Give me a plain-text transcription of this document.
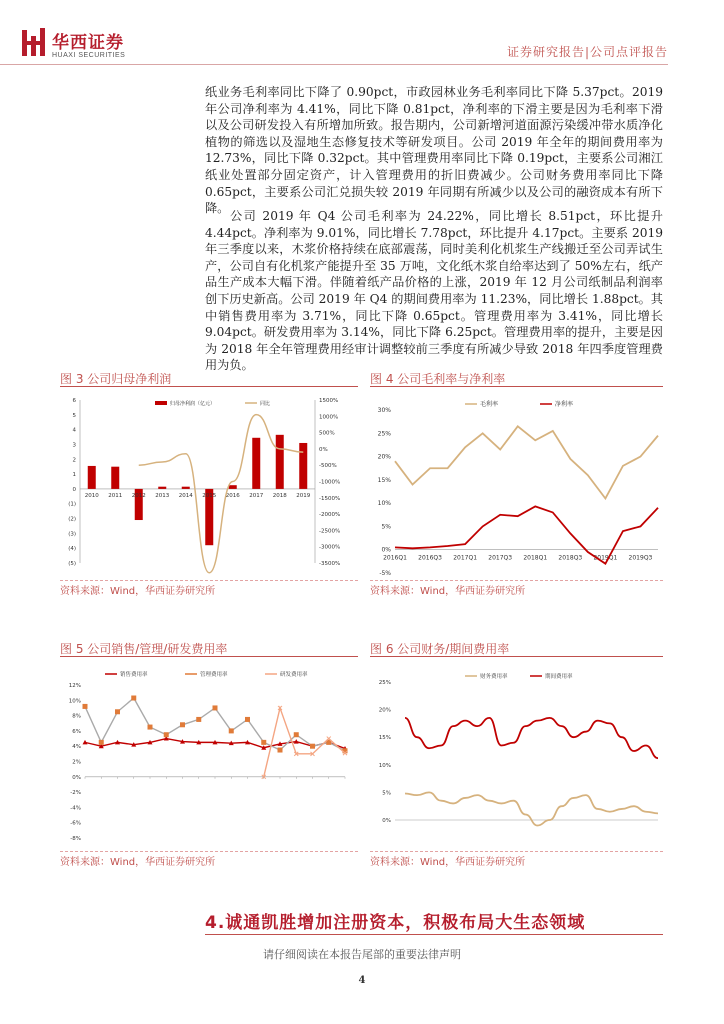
华西证券
HUAXI SECURITIES	证券研究报告|公司点评报告

纸业务毛利率同比下降了 0.90pct，市政园林业务毛利率同比下降 5.37pct。2019 年公司净利率为 4.41%，同比下降 0.81pct，净利率的下滑主要是因为毛利率下滑以及公司研发投入有所增加所致。报告期内，公司新增河道面源污染缓冲带水质净化植物的筛选以及湿地生态修复技术等研发项目。公司 2019 年全年的期间费用率为 12.73%，同比下降 0.32pct。其中管理费用率同比下降 0.19pct，主要系公司湘江纸业处置部分固定资产，计入管理费用的折旧费减少。公司财务费用率同比下降 0.65pct，主要系公司汇兑损失较 2019 年同期有所减少以及公司的融资成本有所下降。

公司 2019 年 Q4 公司毛利率为 24.22%，同比增长 8.51pct，环比提升 4.44pct。净利率为 9.01%，同比增长 7.78pct，环比提升 4.17pct。主要系 2019 年三季度以来，木浆价格持续在底部震荡，同时美利化机浆生产线搬迁至公司弄试生产，公司自有化机浆产能提升至 35 万吨，文化纸木浆自给率达到了 50%左右，纸产品生产成本大幅下滑。伴随着纸产品价格的上涨，2019 年 12 月公司纸制品利润率创下历史新高。公司 2019 年 Q4 的期间费用率为 11.23%，同比增长 1.88pct。其中销售费用率为 3.71%，同比下降 0.65pct。管理费用率为 3.41%，同比增长 9.04pct。研发费用率为 3.14%，同比下降 6.25pct。管理费用率的提升，主要是因为 2018 年全年管理费用经审计调整较前三季度有所减少导致 2018 年四季度管理费用为负。

图 3 公司归母净利润
6
5
4
3
2
1
0
(1)
(2)
(3)
(4)
(5)
1500%
1000%
500%
0%
-500%
-1000%
-1500%
-2000%
-2500%
-3000%
-3500%
2010 2011 2012 2013 2014 2015 2016 2017 2018 2019
归母净利润（亿元）	同比
资料来源：Wind，华西证券研究所
图 4 公司毛利率与净利率
30%
25%
20%
15%
10%
5%
0%
-5%
2016Q1 2016Q3 2017Q1 2017Q3 2018Q1 2018Q3 2019Q1 2019Q3
毛利率	净利率
资料来源：Wind，华西证券研究所
图 5 公司销售/管理/研发费用率
12%
10%
8%
6%
4%
2%
0%
-2%
-4%
-6%
-8%
销售费用率	管理费用率	研发费用率
资料来源：Wind，华西证券研究所
图 6 公司财务/期间费用率
25%
20%
15%
10%
5%
0%
财务费用率	期间费用率
资料来源：Wind，华西证券研究所
4.诚通凯胜增加注册资本，积极布局大生态领域
请仔细阅读在本报告尾部的重要法律声明
4
